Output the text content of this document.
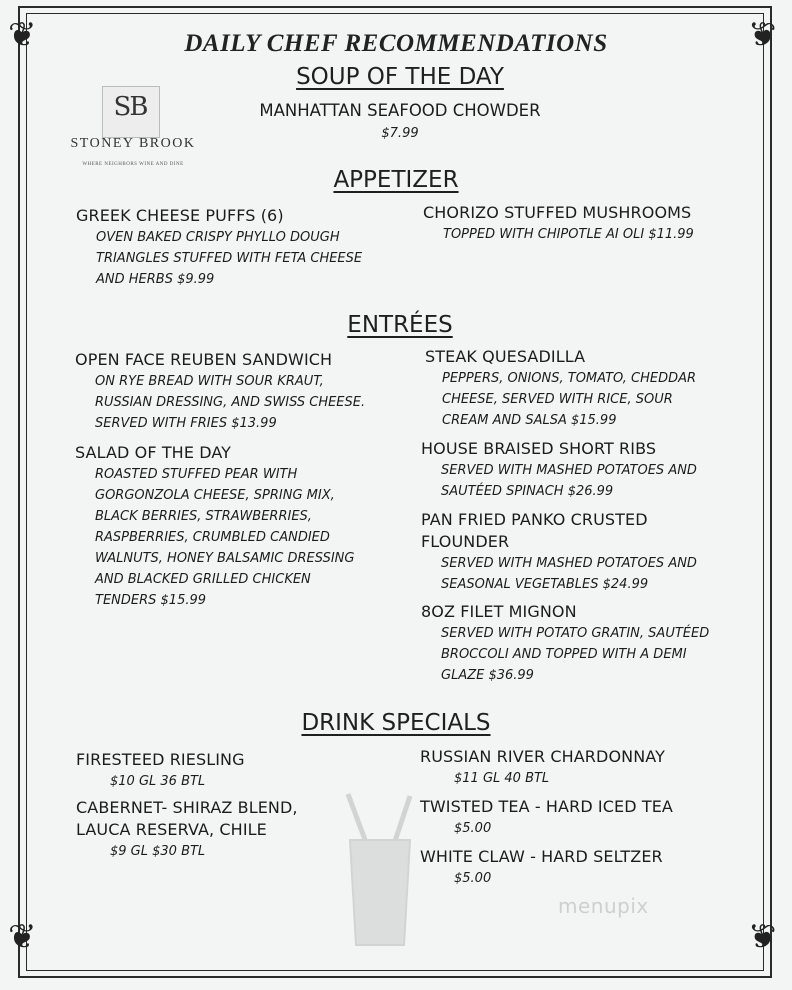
❦	❦
❦	❦
DAILY CHEF RECOMMENDATIONS
SOUP OF THE DAY
SB
STONEY BROOK
WHERE NEIGHBORS WINE AND DINE
MANHATTAN SEAFOOD CHOWDER
$7.99
APPETIZER
GREEK CHEESE PUFFS (6)
OVEN BAKED CRISPY PHYLLO DOUGH
TRIANGLES STUFFED WITH FETA CHEESE
AND HERBS $9.99
CHORIZO STUFFED MUSHROOMS
TOPPED WITH CHIPOTLE AI OLI $11.99
ENTRÉES
OPEN FACE REUBEN SANDWICH
ON RYE BREAD WITH SOUR KRAUT,
RUSSIAN DRESSING, AND SWISS CHEESE.
SERVED WITH FRIES $13.99
SALAD OF THE DAY
ROASTED STUFFED PEAR WITH
GORGONZOLA CHEESE, SPRING MIX,
BLACK BERRIES, STRAWBERRIES,
RASPBERRIES, CRUMBLED CANDIED
WALNUTS, HONEY BALSAMIC DRESSING
AND BLACKED GRILLED CHICKEN
TENDERS $15.99
STEAK QUESADILLA
PEPPERS, ONIONS, TOMATO, CHEDDAR
CHEESE, SERVED WITH RICE, SOUR
CREAM AND SALSA $15.99
HOUSE BRAISED SHORT RIBS
SERVED WITH MASHED POTATOES AND
SAUTÉED SPINACH $26.99
PAN FRIED PANKO CRUSTED
FLOUNDER
SERVED WITH MASHED POTATOES AND
SEASONAL VEGETABLES $24.99
8OZ FILET MIGNON
SERVED WITH POTATO GRATIN, SAUTÉED
BROCCOLI AND TOPPED WITH A DEMI
GLAZE $36.99
DRINK SPECIALS
FIRESTEED RIESLING
$10 GL 36 BTL
CABERNET- SHIRAZ BLEND,
LAUCA RESERVA, CHILE
$9 GL $30 BTL
RUSSIAN RIVER CHARDONNAY
$11 GL 40 BTL
TWISTED TEA - HARD ICED TEA
$5.00
WHITE CLAW - HARD SELTZER
$5.00
menupix
